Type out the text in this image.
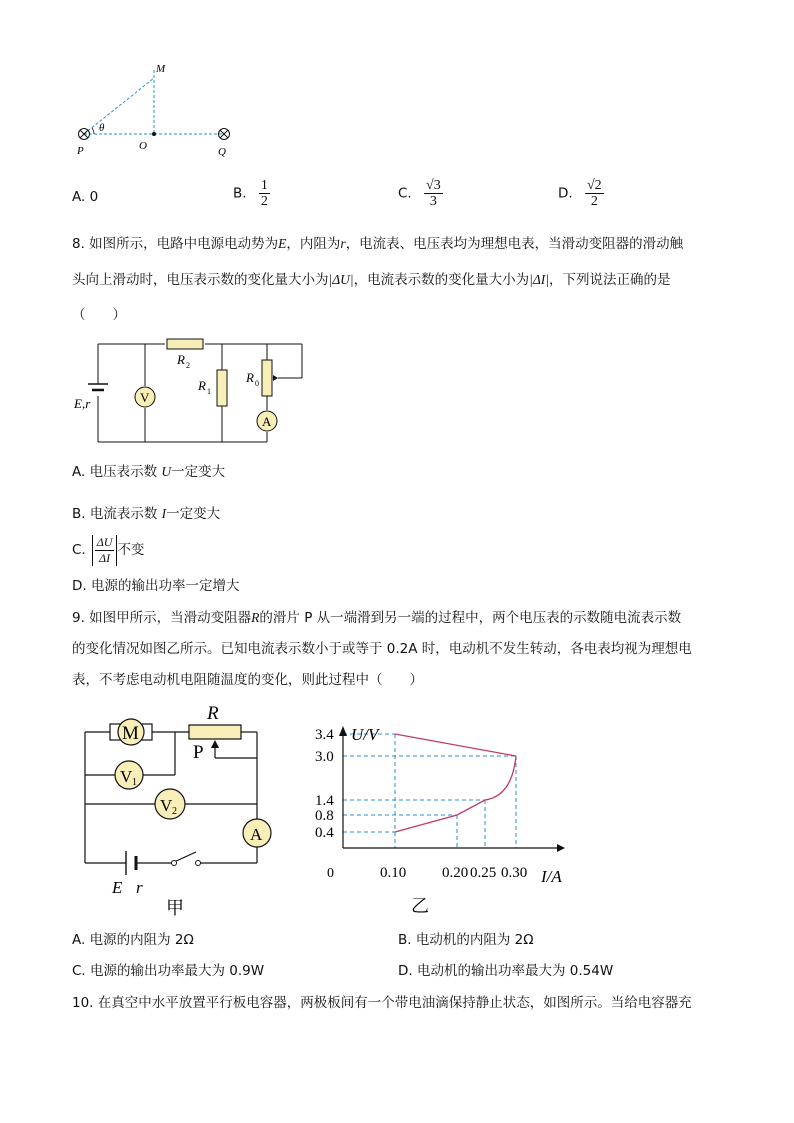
M
θ
P	O	Q
A. 0	B. $\frac{1}{2}$	C. $\frac{√3}{3}$	D. $\frac{√2}{2}$
8. 如图所示，电路中电源电动势为E，内阻为r，电流表、电压表均为理想电表，当滑动变阻器的滑动触
头向上滑动时，电压表示数的变化量大小为|ΔU|，电流表示数的变化量大小为|ΔI|，下列说法正确的是
（　　）
V
A
R 2
R 1
R 0
E,r
A. 电压表示数 U一定变大
B. 电流表示数 I一定变大
C. $\frac{\Delta U}{\Delta I}$ 不变
D. 电源的输出功率一定增大
9. 如图甲所示，当滑动变阻器R的滑片 P 从一端滑到另一端的过程中，两个电压表的示数随电流表示数
的变化情况如图乙所示。已知电流表示数小于或等于 0.2A 时，电动机不发生转动，各电表均视为理想电
表，不考虑电动机电阻随温度的变化，则此过程中（　　）
M
V 1
V 2
A
R
P
E r
甲
U/V
I/A
0	0.10 0.20 0.25 0.30
0.4
0.8
1.4
3.0
3.4
乙
A. 电源的内阻为 2Ω	B. 电动机的内阻为 2Ω
C. 电源的输出功率最大为 0.9W	D. 电动机的输出功率最大为 0.54W
10. 在真空中水平放置平行板电容器，两极板间有一个带电油滴保持静止状态，如图所示。当给电容器充
